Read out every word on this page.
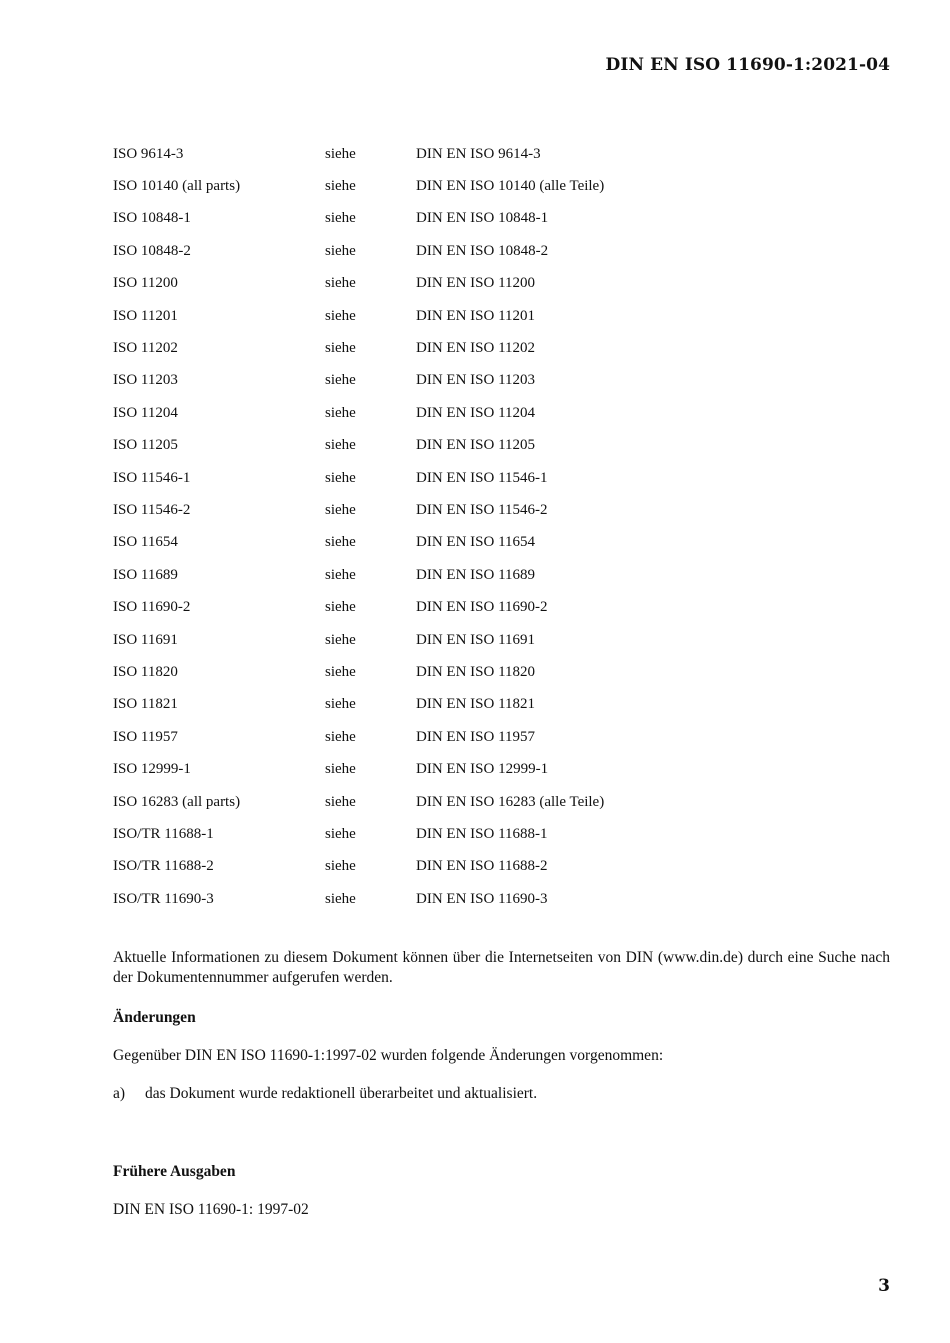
DIN EN ISO 11690-1:2021-04
ISO 9614-3	siehe	DIN EN ISO 9614-3
ISO 10140 (all parts)	siehe	DIN EN ISO 10140 (alle Teile)
ISO 10848-1	siehe	DIN EN ISO 10848-1
ISO 10848-2	siehe	DIN EN ISO 10848-2
ISO 11200	siehe	DIN EN ISO 11200
ISO 11201	siehe	DIN EN ISO 11201
ISO 11202	siehe	DIN EN ISO 11202
ISO 11203	siehe	DIN EN ISO 11203
ISO 11204	siehe	DIN EN ISO 11204
ISO 11205	siehe	DIN EN ISO 11205
ISO 11546-1	siehe	DIN EN ISO 11546-1
ISO 11546-2	siehe	DIN EN ISO 11546-2
ISO 11654	siehe	DIN EN ISO 11654
ISO 11689	siehe	DIN EN ISO 11689
ISO 11690-2	siehe	DIN EN ISO 11690-2
ISO 11691	siehe	DIN EN ISO 11691
ISO 11820	siehe	DIN EN ISO 11820
ISO 11821	siehe	DIN EN ISO 11821
ISO 11957	siehe	DIN EN ISO 11957
ISO 12999-1	siehe	DIN EN ISO 12999-1
ISO 16283 (all parts)	siehe	DIN EN ISO 16283 (alle Teile)
ISO/TR 11688-1	siehe	DIN EN ISO 11688-1
ISO/TR 11688-2	siehe	DIN EN ISO 11688-2
ISO/TR 11690-3	siehe	DIN EN ISO 11690-3
Aktuelle Informationen zu diesem Dokument können über die Internetseiten von DIN (www.din.de) durch eine Suche nach der Dokumentennummer aufgerufen werden.
Änderungen
Gegenüber DIN EN ISO 11690-1:1997-02 wurden folgende Änderungen vorgenommen:
a)	das Dokument wurde redaktionell überarbeitet und aktualisiert.
Frühere Ausgaben
DIN EN ISO 11690-1: 1997-02
3
